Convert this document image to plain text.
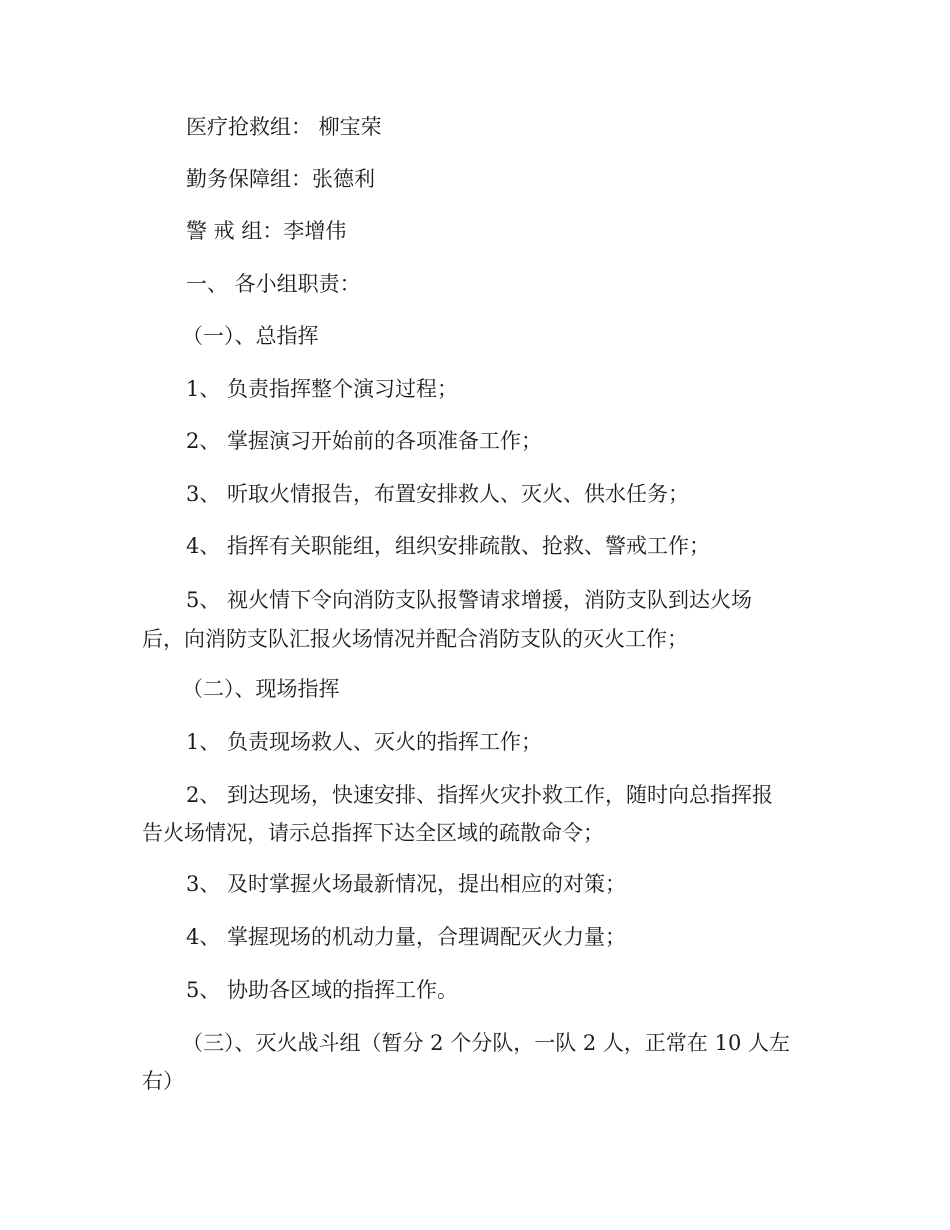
医疗抢救组： 柳宝荣
勤务保障组：张德利
警 戒 组：李增伟
一、 各小组职责：
（一）、总指挥
1、 负责指挥整个演习过程；
2、 掌握演习开始前的各项准备工作；
3、 听取火情报告，布置安排救人、灭火、供水任务；
4、 指挥有关职能组，组织安排疏散、抢救、警戒工作；
5、 视火情下令向消防支队报警请求增援，消防支队到达火场
后，向消防支队汇报火场情况并配合消防支队的灭火工作；
（二）、现场指挥
1、 负责现场救人、灭火的指挥工作；
2、 到达现场，快速安排、指挥火灾扑救工作，随时向总指挥报
告火场情况，请示总指挥下达全区域的疏散命令；
3、 及时掌握火场最新情况，提出相应的对策；
4、 掌握现场的机动力量，合理调配灭火力量；
5、 协助各区域的指挥工作。
（三）、灭火战斗组（暂分 2 个分队，一队 2 人，正常在 10 人左
右）
